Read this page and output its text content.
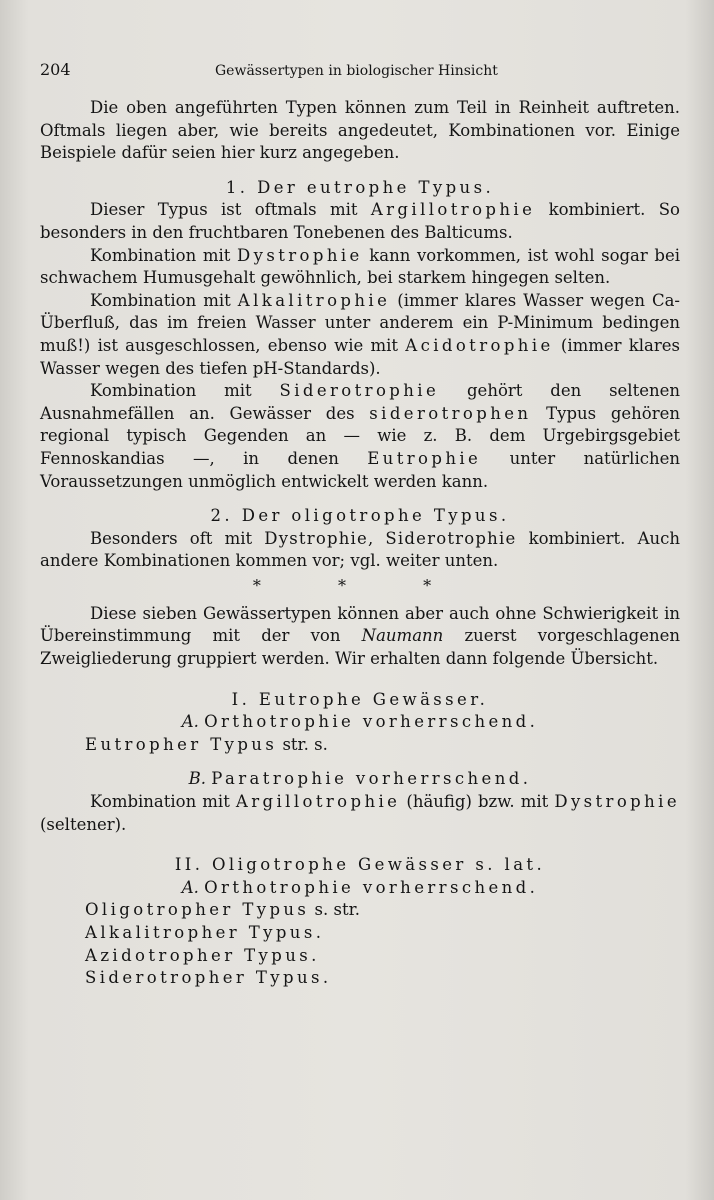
204	Gewässertypen in biologischer Hinsicht

Die oben angeführten Typen können zum Teil in Reinheit auftreten. Oftmals liegen aber, wie bereits angedeutet, Kombinationen vor. Einige Beispiele dafür seien hier kurz angegeben.

1. Der eutrophe Typus.

Dieser Typus ist oftmals mit Argillotrophie kombiniert. So besonders in den fruchtbaren Tonebenen des Balticums.

Kombination mit Dystrophie kann vorkommen, ist wohl sogar bei schwachem Humusgehalt gewöhnlich, bei starkem hingegen selten.

Kombination mit Alkalitrophie (immer klares Wasser wegen Ca-Überfluß, das im freien Wasser unter anderem ein P-Minimum bedingen muß!) ist ausgeschlossen, ebenso wie mit Acidotrophie (immer klares Wasser wegen des tiefen pH-Standards).

Kombination mit Siderotrophie gehört den seltenen Ausnahmefällen an. Gewässer des siderotrophen Typus gehören regional typisch Gegenden an — wie z. B. dem Urgebirgsgebiet Fennoskandias —, in denen Eutrophie unter natürlichen Voraussetzungen unmöglich entwickelt werden kann.

2. Der oligotrophe Typus.

Besonders oft mit Dystrophie, Siderotrophie kombiniert. Auch andere Kombinationen kommen vor; vgl. weiter unten.

* * *

Diese sieben Gewässertypen können aber auch ohne Schwierigkeit in Übereinstimmung mit der von Naumann zuerst vorgeschlagenen Zweigliederung gruppiert werden. Wir erhalten dann folgende Übersicht.

I. Eutrophe Gewässer.

A. Orthotrophie vorherrschend.

Eutropher Typus str. s.

B. Paratrophie vorherrschend.

Kombination mit Argillotrophie (häufig) bzw. mit Dystrophie (seltener).

II. Oligotrophe Gewässer s. lat.

A. Orthotrophie vorherrschend.

Oligotropher Typus s. str.

Alkalitropher Typus.

Azidotropher Typus.

Siderotropher Typus.
